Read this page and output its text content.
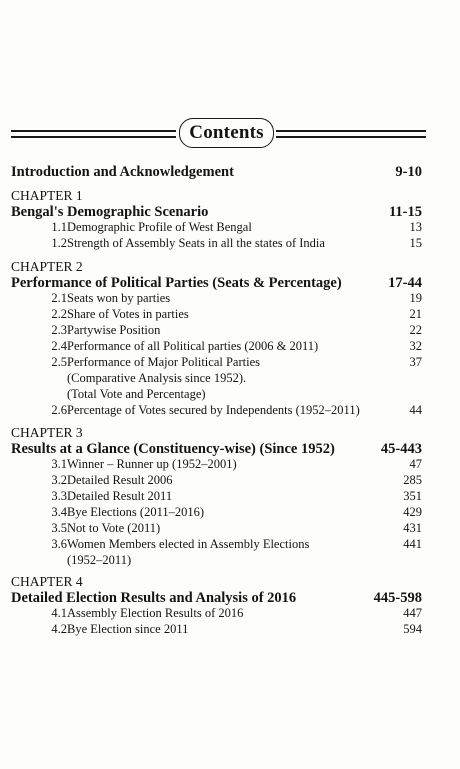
Contents
Introduction and Acknowledgement	9-10
CHAPTER 1
Bengal's Demographic Scenario	11-15
1.1 Demographic Profile of West Bengal	13
1.2 Strength of Assembly Seats in all the states of India	15
CHAPTER 2
Performance of Political Parties (Seats & Percentage)	17-44
2.1 Seats won by parties	19
2.2 Share of Votes in parties	21
2.3 Partywise Position	22
2.4 Performance of all Political parties (2006 & 2011)	32
2.5 Performance of Major Political Parties	37
(Comparative Analysis since 1952).
(Total Vote and Percentage)
2.6 Percentage of Votes secured by Independents (1952–2011)	44
CHAPTER 3
Results at a Glance (Constituency-wise) (Since 1952)	45-443
3.1 Winner – Runner up (1952–2001)	47
3.2 Detailed Result 2006	285
3.3 Detailed Result 2011	351
3.4 Bye Elections (2011–2016)	429
3.5 Not to Vote (2011)	431
3.6 Women Members elected in Assembly Elections	441
(1952–2011)
CHAPTER 4
Detailed Election Results and Analysis of 2016	445-598
4.1 Assembly Election Results of 2016	447
4.2 Bye Election since 2011	594
